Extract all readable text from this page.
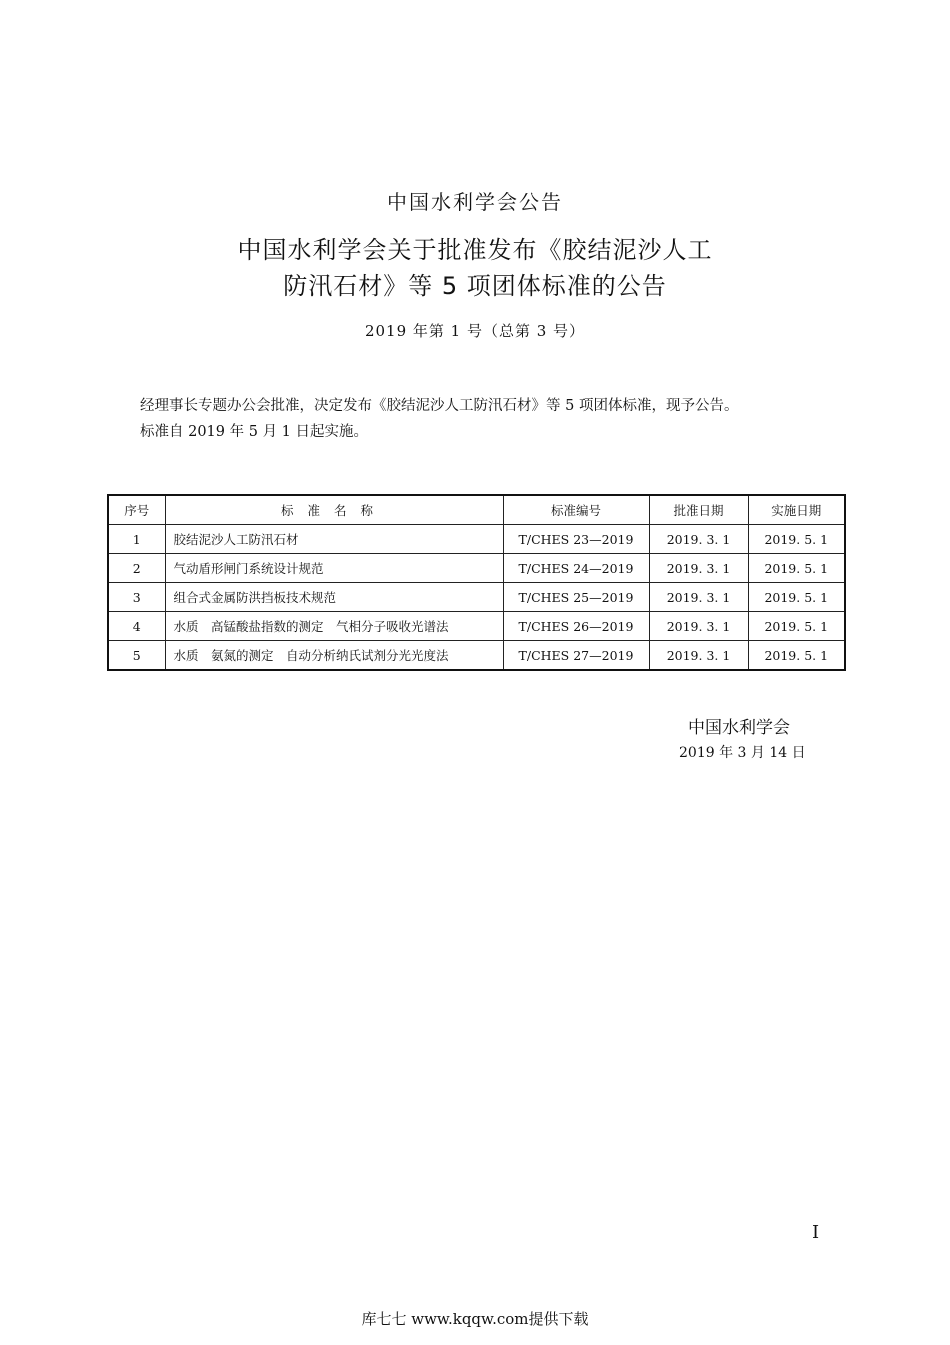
中国水利学会公告
中国水利学会关于批准发布《胶结泥沙人工
防汛石材》等 5 项团体标准的公告
2019 年第 1 号（总第 3 号）
经理事长专题办公会批准，决定发布《胶结泥沙人工防汛石材》等 5 项团体标准，现予公告。
标准自 2019 年 5 月 1 日起实施。
序号	标准名称	标准编号	批准日期	实施日期
1	胶结泥沙人工防汛石材	T/CHES 23—2019	2019. 3. 1	2019. 5. 1
2	气动盾形闸门系统设计规范	T/CHES 24—2019	2019. 3. 1	2019. 5. 1
3	组合式金属防洪挡板技术规范	T/CHES 25—2019	2019. 3. 1	2019. 5. 1
4	水质　高锰酸盐指数的测定　气相分子吸收光谱法	T/CHES 26—2019	2019. 3. 1	2019. 5. 1
5	水质　氨氮的测定　自动分析纳氏试剂分光光度法	T/CHES 27—2019	2019. 3. 1	2019. 5. 1
中国水利学会
2019 年 3 月 14 日
I
库七七 www.kqqw.com提供下载
